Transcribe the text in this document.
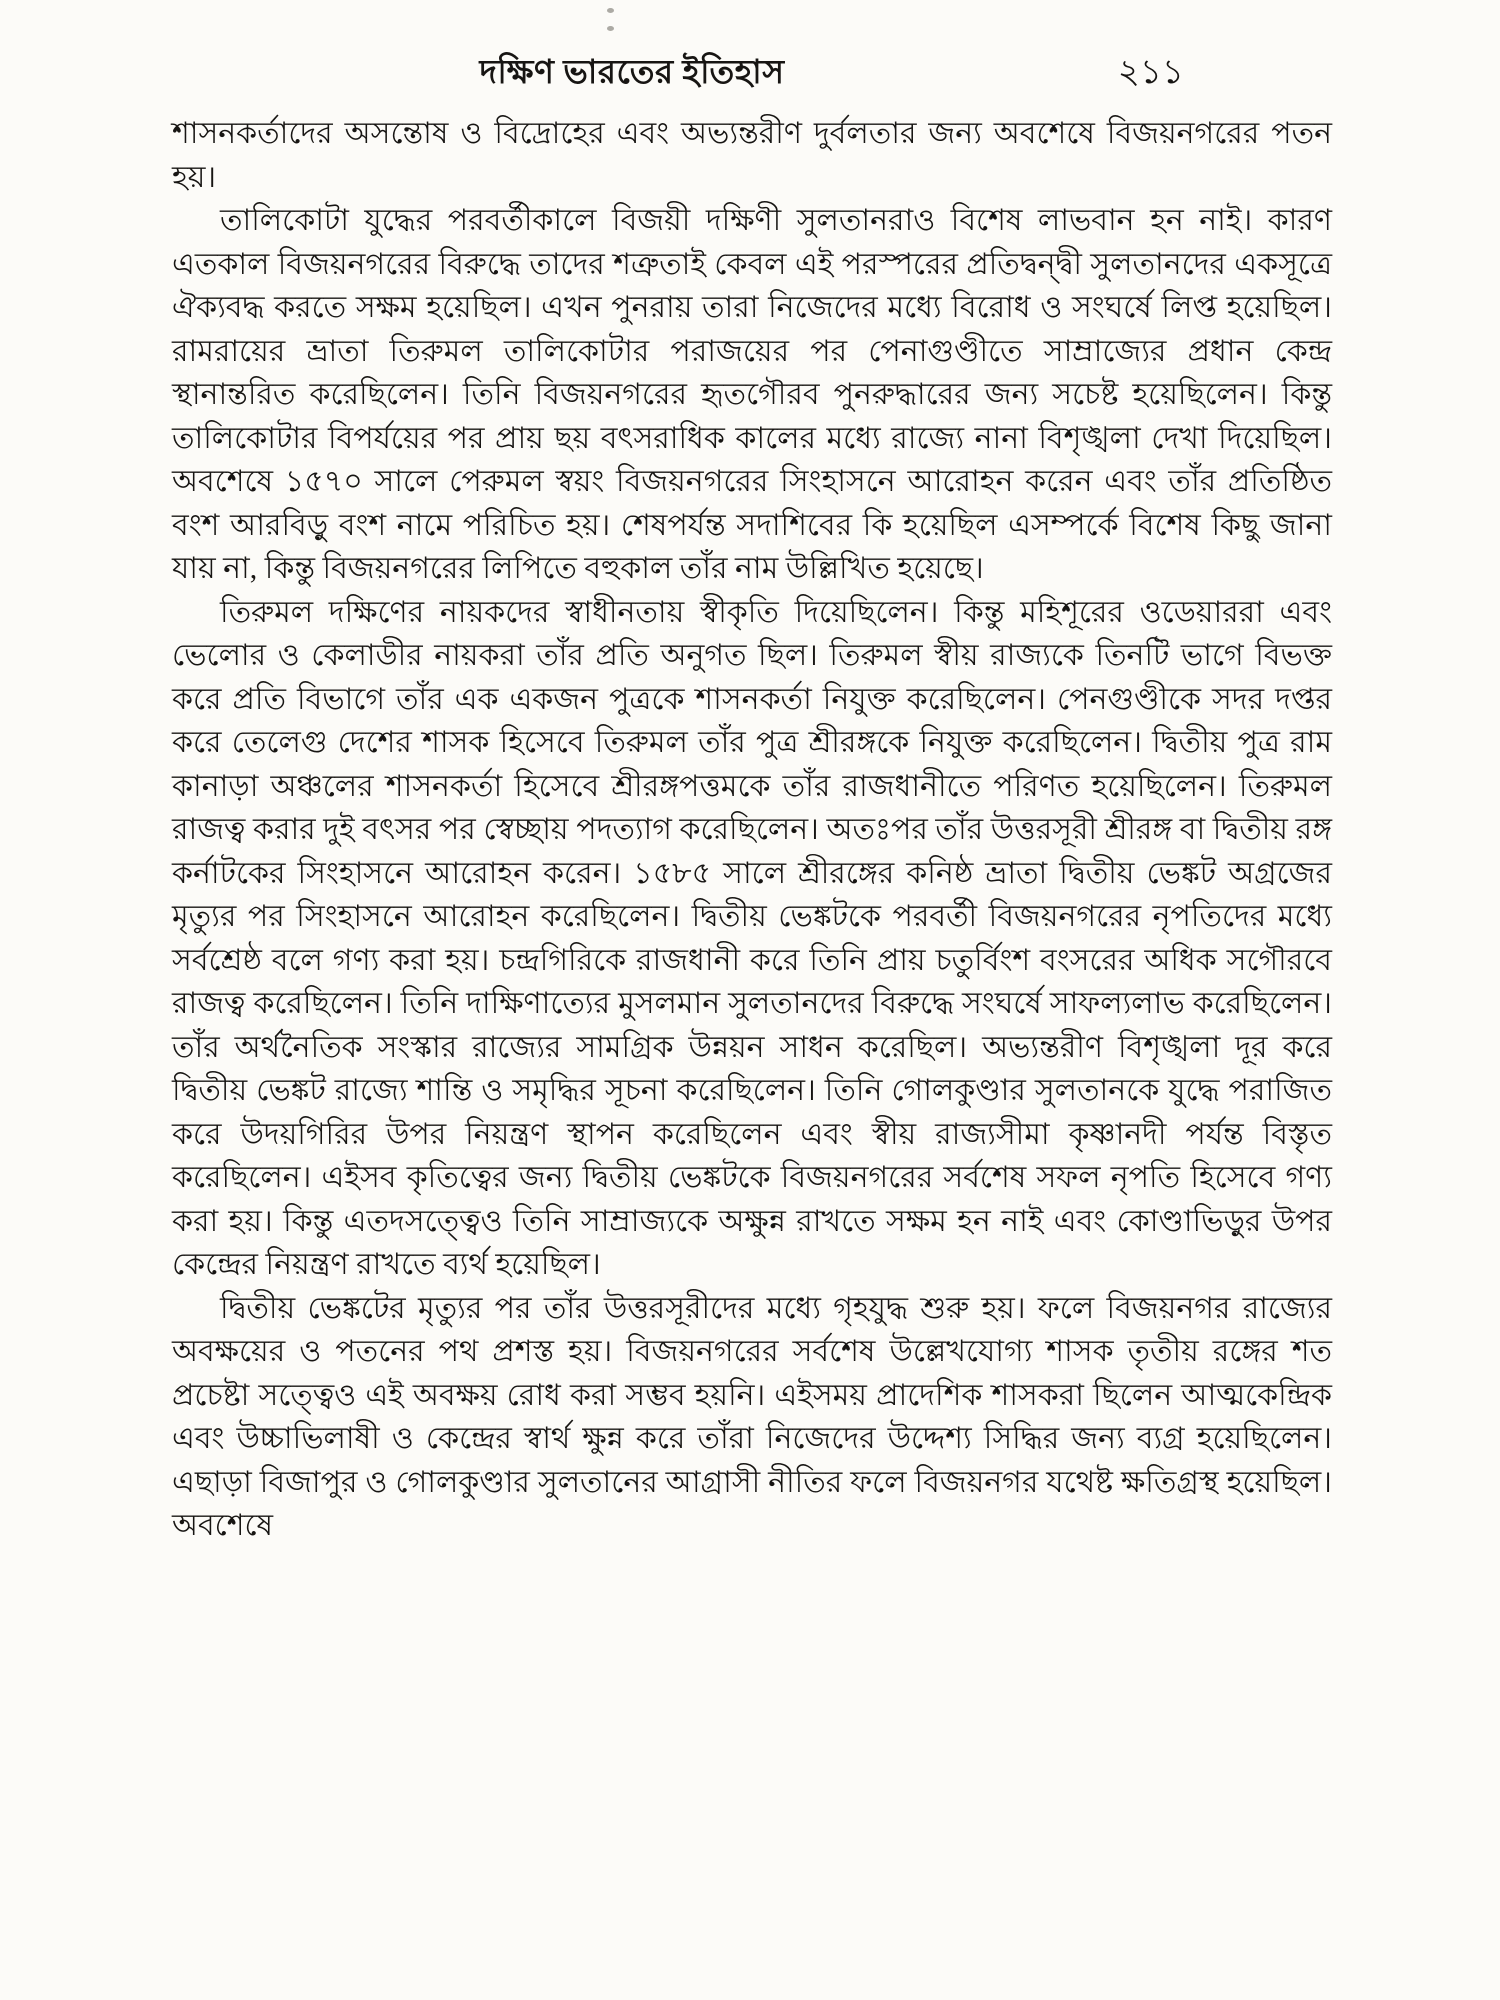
দক্ষিণ ভারতের ইতিহাস	২১১

শাসনকর্তাদের অসন্তোষ ও বিদ্রোহের এবং অভ্যন্তরীণ দুর্বলতার জন্য অবশেষে বিজয়নগরের পতন হয়।

তালিকোটা যুদ্ধের পরবর্তীকালে বিজয়ী দক্ষিণী সুলতানরাও বিশেষ লাভবান হন নাই। কারণ এতকাল বিজয়নগরের বিরুদ্ধে তাদের শত্রুতাই কেবল এই পরস্পরের প্রতিদ্বন্দ্বী সুলতানদের একসূত্রে ঐক্যবদ্ধ করতে সক্ষম হয়েছিল। এখন পুনরায় তারা নিজেদের মধ্যে বিরোধ ও সংঘর্ষে লিপ্ত হয়েছিল। রামরায়ের ভ্রাতা তিরুমল তালিকোটার পরাজয়ের পর পেনাগুণ্ডীতে সাম্রাজ্যের প্রধান কেন্দ্র স্থানান্তরিত করেছিলেন। তিনি বিজয়নগরের হৃতগৌরব পুনরুদ্ধারের জন্য সচেষ্ট হয়েছিলেন। কিন্তু তালিকোটার বিপর্যয়ের পর প্রায় ছয় বৎসরাধিক কালের মধ্যে রাজ্যে নানা বিশৃঙ্খলা দেখা দিয়েছিল। অবশেষে ১৫৭০ সালে পেরুমল স্বয়ং বিজয়নগরের সিংহাসনে আরোহন করেন এবং তাঁর প্রতিষ্ঠিত বংশ আরবিড়ু বংশ নামে পরিচিত হয়। শেষপর্যন্ত সদাশিবের কি হয়েছিল এসম্পর্কে বিশেষ কিছু জানা যায় না, কিন্তু বিজয়নগরের লিপিতে বহুকাল তাঁর নাম উল্লিখিত হয়েছে।

তিরুমল দক্ষিণের নায়কদের স্বাধীনতায় স্বীকৃতি দিয়েছিলেন। কিন্তু মহিশূরের ওডেয়াররা এবং ভেলোর ও কেলাডীর নায়করা তাঁর প্রতি অনুগত ছিল। তিরুমল স্বীয় রাজ্যকে তিনটি ভাগে বিভক্ত করে প্রতি বিভাগে তাঁর এক একজন পুত্রকে শাসনকর্তা নিযুক্ত করেছিলেন। পেনগুণ্ডীকে সদর দপ্তর করে তেলেগু দেশের শাসক হিসেবে তিরুমল তাঁর পুত্র শ্রীরঙ্গকে নিযুক্ত করেছিলেন। দ্বিতীয় পুত্র রাম কানাড়া অঞ্চলের শাসনকর্তা হিসেবে শ্রীরঙ্গপত্তমকে তাঁর রাজধানীতে পরিণত হয়েছিলেন। তিরুমল রাজত্ব করার দুই বৎসর পর স্বেচ্ছায় পদত্যাগ করেছিলেন। অতঃপর তাঁর উত্তরসূরী শ্রীরঙ্গ বা দ্বিতীয় রঙ্গ কর্নাটকের সিংহাসনে আরোহন করেন। ১৫৮৫ সালে শ্রীরঙ্গের কনিষ্ঠ ভ্রাতা দ্বিতীয় ভেঙ্কট অগ্রজের মৃত্যুর পর সিংহাসনে আরোহন করেছিলেন। দ্বিতীয় ভেঙ্কটকে পরবর্তী বিজয়নগরের নৃপতিদের মধ্যে সর্বশ্রেষ্ঠ বলে গণ্য করা হয়। চন্দ্রগিরিকে রাজধানী করে তিনি প্রায় চতুর্বিংশ বংসরের অধিক সগৌরবে রাজত্ব করেছিলেন। তিনি দাক্ষিণাত্যের মুসলমান সুলতানদের বিরুদ্ধে সংঘর্ষে সাফল্যলাভ করেছিলেন। তাঁর অর্থনৈতিক সংস্কার রাজ্যের সামগ্রিক উন্নয়ন সাধন করেছিল। অভ্যন্তরীণ বিশৃঙ্খলা দূর করে দ্বিতীয় ভেঙ্কট রাজ্যে শান্তি ও সমৃদ্ধির সূচনা করেছিলেন। তিনি গোলকুণ্ডার সুলতানকে যুদ্ধে পরাজিত করে উদয়গিরির উপর নিয়ন্ত্রণ স্থাপন করেছিলেন এবং স্বীয় রাজ্যসীমা কৃষ্ণানদী পর্যন্ত বিস্তৃত করেছিলেন। এইসব কৃতিত্বের জন্য দ্বিতীয় ভেঙ্কটকে বিজয়নগরের সর্বশেষ সফল নৃপতি হিসেবে গণ্য করা হয়। কিন্তু এতদসত্ত্বেও তিনি সাম্রাজ্যকে অক্ষুন্ন রাখতে সক্ষম হন নাই এবং কোণ্ডাভিড়ুর উপর কেন্দ্রের নিয়ন্ত্রণ রাখতে ব্যর্থ হয়েছিল।

দ্বিতীয় ভেঙ্কটের মৃত্যুর পর তাঁর উত্তরসূরীদের মধ্যে গৃহযুদ্ধ শুরু হয়। ফলে বিজয়নগর রাজ্যের অবক্ষয়ের ও পতনের পথ প্রশস্ত হয়। বিজয়নগরের সর্বশেষ উল্লেখযোগ্য শাসক তৃতীয় রঙ্গের শত প্রচেষ্টা সত্ত্বেও এই অবক্ষয় রোধ করা সম্ভব হয়নি। এইসময় প্রাদেশিক শাসকরা ছিলেন আত্মকেন্দ্রিক এবং উচ্চাভিলাষী ও কেন্দ্রের স্বার্থ ক্ষুন্ন করে তাঁরা নিজেদের উদ্দেশ্য সিদ্ধির জন্য ব্যগ্র হয়েছিলেন। এছাড়া বিজাপুর ও গোলকুণ্ডার সুলতানের আগ্রাসী নীতির ফলে বিজয়নগর যথেষ্ট ক্ষতিগ্রস্থ হয়েছিল। অবশেষে
